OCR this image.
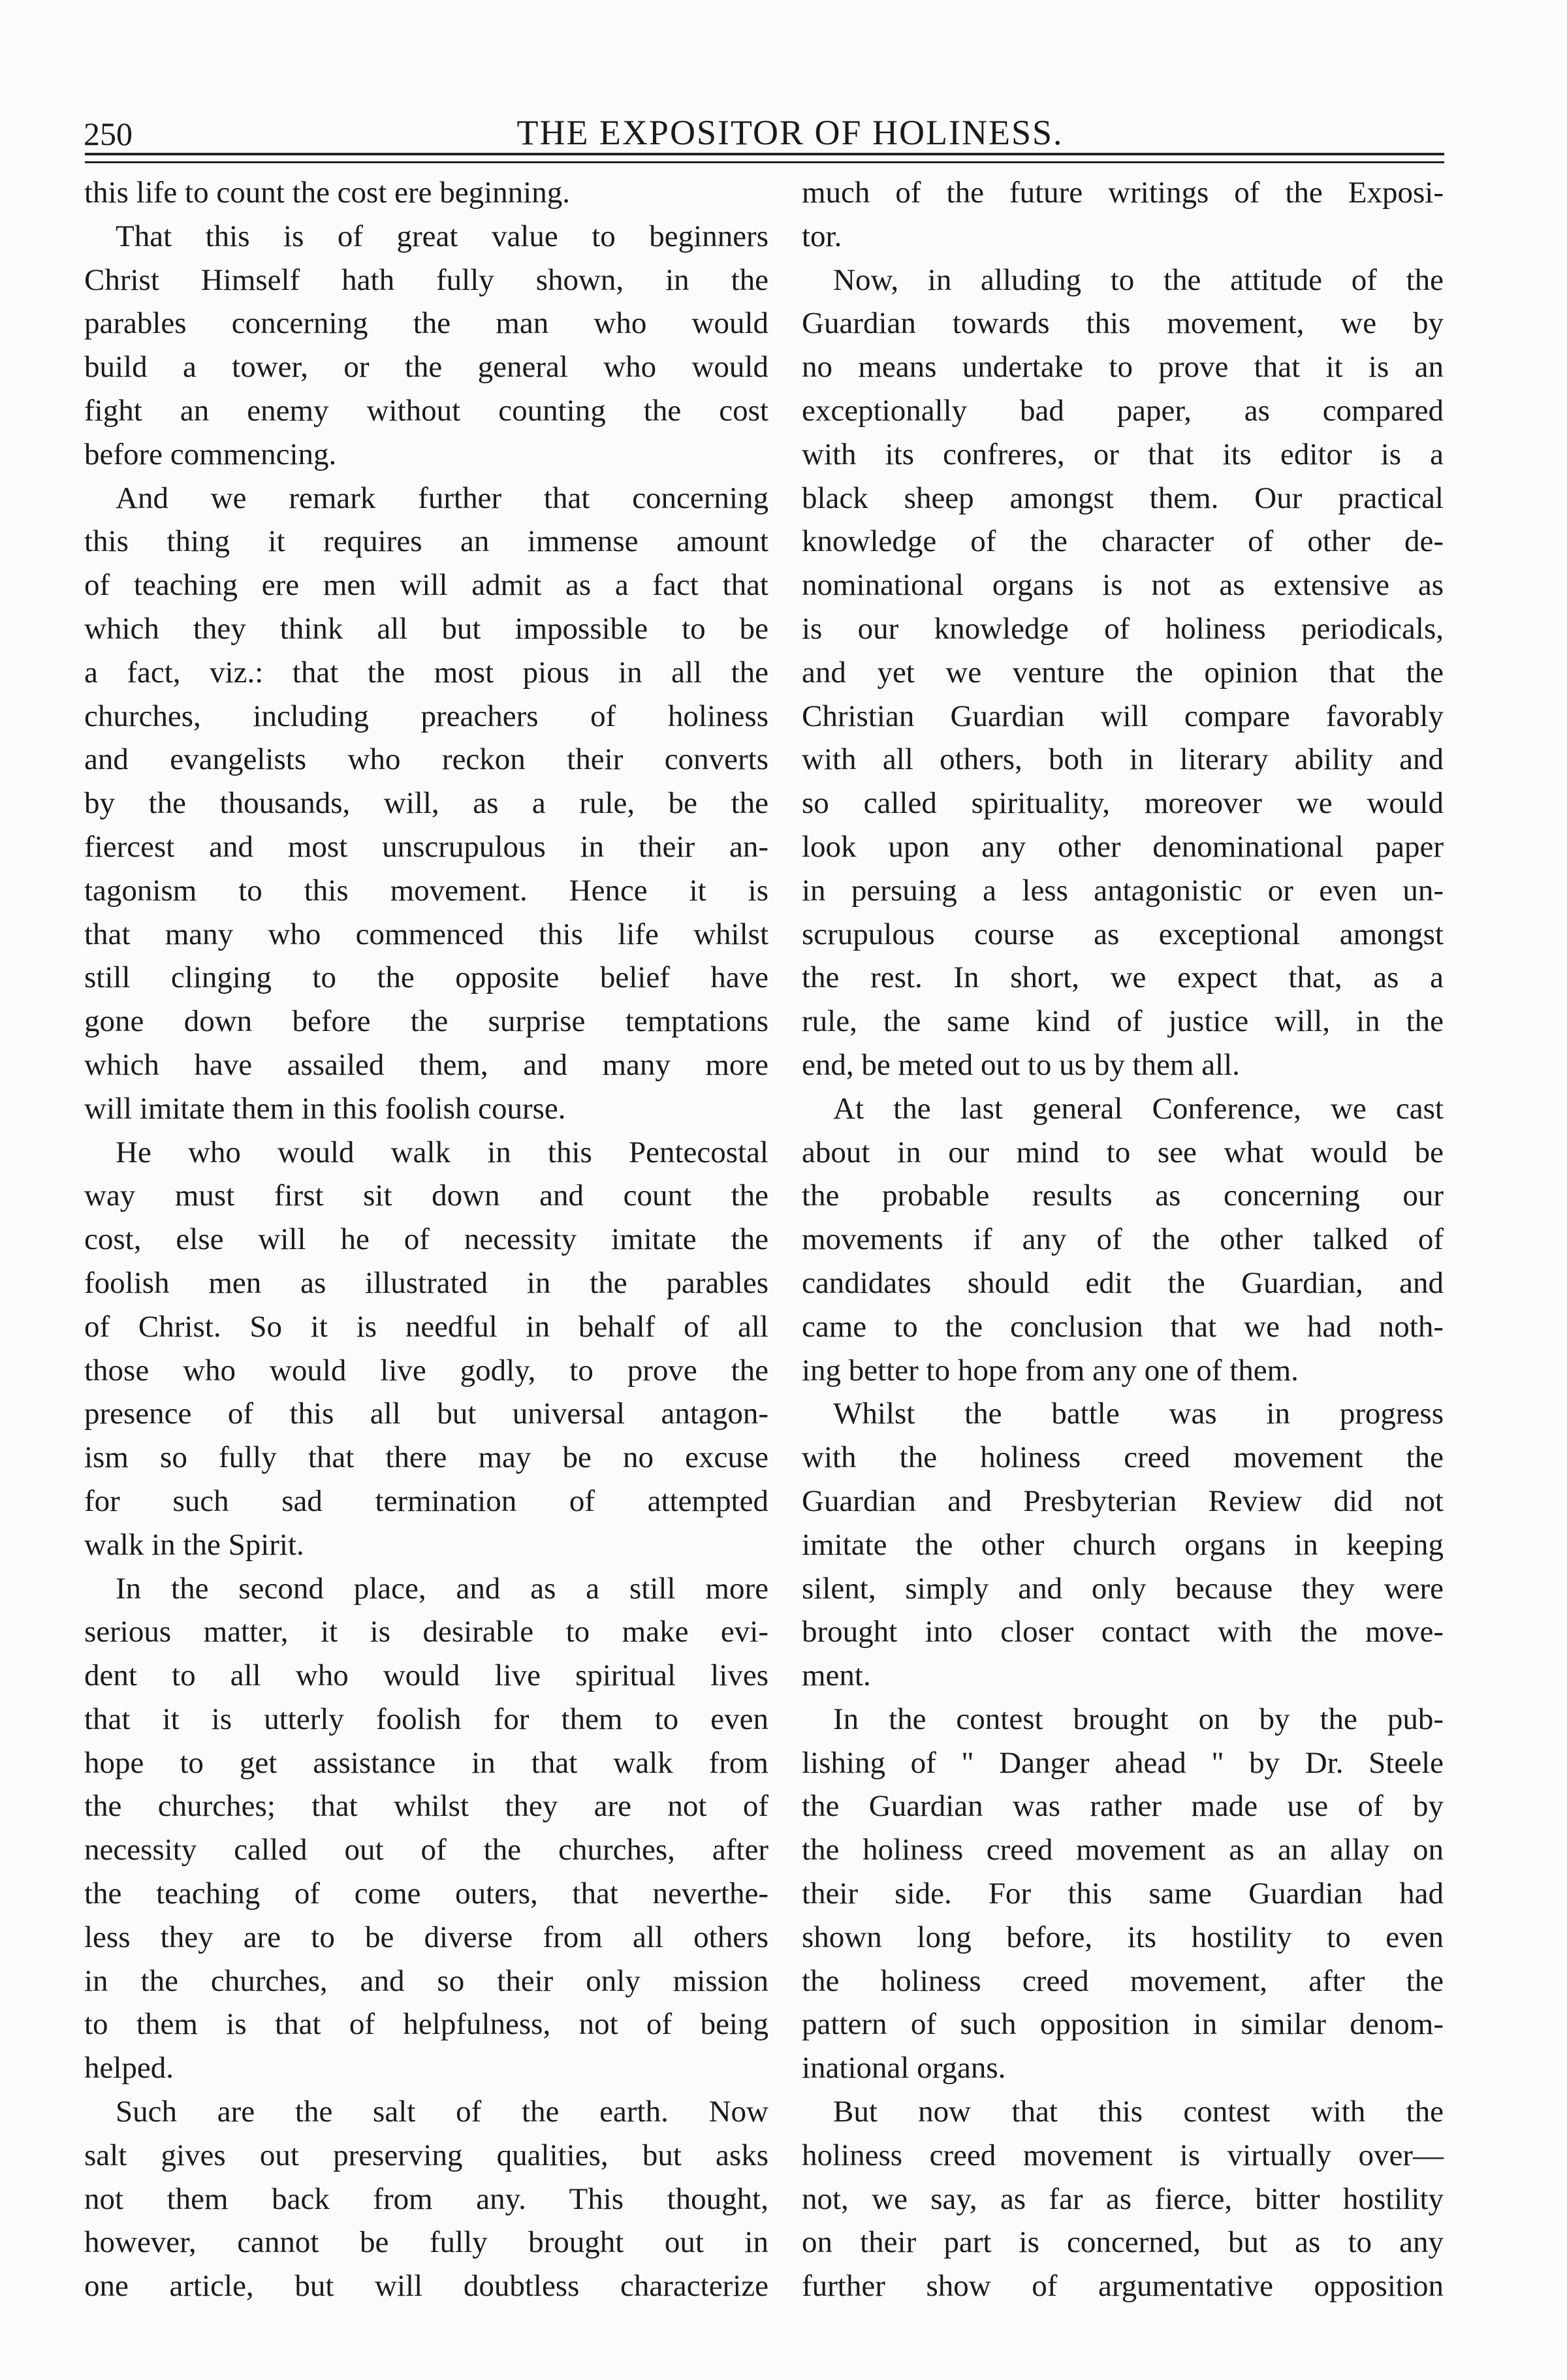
250	THE EXPOSITOR OF HOLINESS.
this life to count the cost ere beginning.
That this is of great value to beginners
Christ Himself hath fully shown, in the
parables concerning the man who would
build a tower, or the general who would
fight an enemy without counting the cost
before commencing.
And we remark further that concerning
this thing it requires an immense amount
of teaching ere men will admit as a fact that
which they think all but impossible to be
a fact, viz.: that the most pious in all the
churches, including preachers of holiness
and evangelists who reckon their converts
by the thousands, will, as a rule, be the
fiercest and most unscrupulous in their an-
tagonism to this movement. Hence it is
that many who commenced this life whilst
still clinging to the opposite belief have
gone down before the surprise temptations
which have assailed them, and many more
will imitate them in this foolish course.
He who would walk in this Pentecostal
way must first sit down and count the
cost, else will he of necessity imitate the
foolish men as illustrated in the parables
of Christ. So it is needful in behalf of all
those who would live godly, to prove the
presence of this all but universal antagon-
ism so fully that there may be no excuse
for such sad termination of attempted
walk in the Spirit.
In the second place, and as a still more
serious matter, it is desirable to make evi-
dent to all who would live spiritual lives
that it is utterly foolish for them to even
hope to get assistance in that walk from
the churches; that whilst they are not of
necessity called out of the churches, after
the teaching of come outers, that neverthe-
less they are to be diverse from all others
in the churches, and so their only mission
to them is that of helpfulness, not of being
helped.
Such are the salt of the earth. Now
salt gives out preserving qualities, but asks
not them back from any. This thought,
however, cannot be fully brought out in
one article, but will doubtless characterize
much of the future writings of the Exposi-
tor.
Now, in alluding to the attitude of the
Guardian towards this movement, we by
no means undertake to prove that it is an
exceptionally bad paper, as compared
with its confreres, or that its editor is a
black sheep amongst them. Our practical
knowledge of the character of other de-
nominational organs is not as extensive as
is our knowledge of holiness periodicals,
and yet we venture the opinion that the
Christian Guardian will compare favorably
with all others, both in literary ability and
so called spirituality, moreover we would
look upon any other denominational paper
in persuing a less antagonistic or even un-
scrupulous course as exceptional amongst
the rest. In short, we expect that, as a
rule, the same kind of justice will, in the
end, be meted out to us by them all.
At the last general Conference, we cast
about in our mind to see what would be
the probable results as concerning our
movements if any of the other talked of
candidates should edit the Guardian, and
came to the conclusion that we had noth-
ing better to hope from any one of them.
Whilst the battle was in progress
with the holiness creed movement the
Guardian and Presbyterian Review did not
imitate the other church organs in keeping
silent, simply and only because they were
brought into closer contact with the move-
ment.
In the contest brought on by the pub-
lishing of " Danger ahead " by Dr. Steele
the Guardian was rather made use of by
the holiness creed movement as an allay on
their side. For this same Guardian had
shown long before, its hostility to even
the holiness creed movement, after the
pattern of such opposition in similar denom-
inational organs.
But now that this contest with the
holiness creed movement is virtually over—
not, we say, as far as fierce, bitter hostility
on their part is concerned, but as to any
further show of argumentative opposition
